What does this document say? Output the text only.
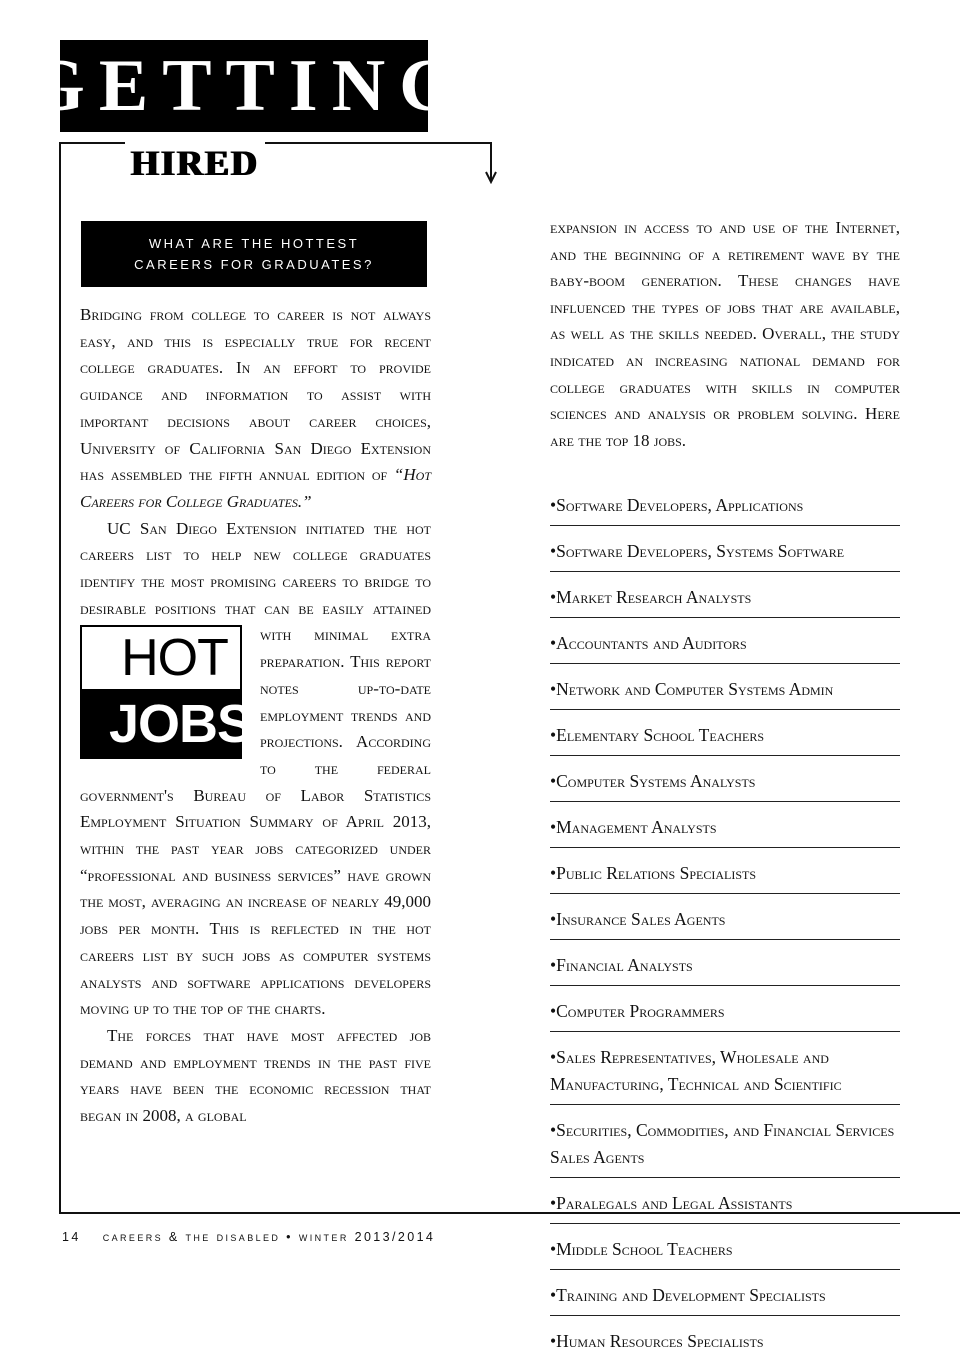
GETTING
HIRED
WHAT ARE THE HOTTEST
CAREERS FOR GRADUATES?

Bridging from college to career is not always easy, and this is especially true for recent college graduates. In an effort to provide guidance and information to assist with important decisions about career choices, University of California San Diego Extension has assembled the fifth annual edition of “Hot Careers for College Graduates.”

UC San Diego Extension initiated the hot careers list to help new college graduates identify the most promising careers to bridge to desirable positions that can be easily attained with minimal extra
HOT
JOBS
preparation. This report notes up-to-date employment trends and projections. According to the federal government's Bureau of Labor Statistics Employment Situation Summary of April 2013, within the past year jobs categorized under “professional and business services” have grown the most, averaging an increase of nearly 49,000 jobs per month. This is reflected in the hot careers list by such jobs as computer systems analysts and software applications developers moving up to the top of the charts.

The forces that have most affected job demand and employment trends in the past five years have been the economic recession that began in 2008, a global

expansion in access to and use of the Internet, and the beginning of a retirement wave by the baby-boom generation. These changes have influenced the types of jobs that are available, as well as the skills needed. Overall, the study indicated an increasing national demand for college graduates with skills in computer sciences and analysis or problem solving. Here are the top 18 jobs.

•Software Developers, Applications
•Software Developers, Systems Software
•Market Research Analysts
•Accountants and Auditors
•Network and Computer Systems Admin
•Elementary School Teachers
•Computer Systems Analysts
•Management Analysts
•Public Relations Specialists
•Insurance Sales Agents
•Financial Analysts
•Computer Programmers
•Sales Representatives, Wholesale and Manufacturing, Technical and Scientific
•Securities, Commodities, and Financial Services Sales Agents
•Paralegals and Legal Assistants
•Middle School Teachers
•Training and Development Specialists
•Human Resources Specialists
14 careers & the disabled • winter 2013/2014
